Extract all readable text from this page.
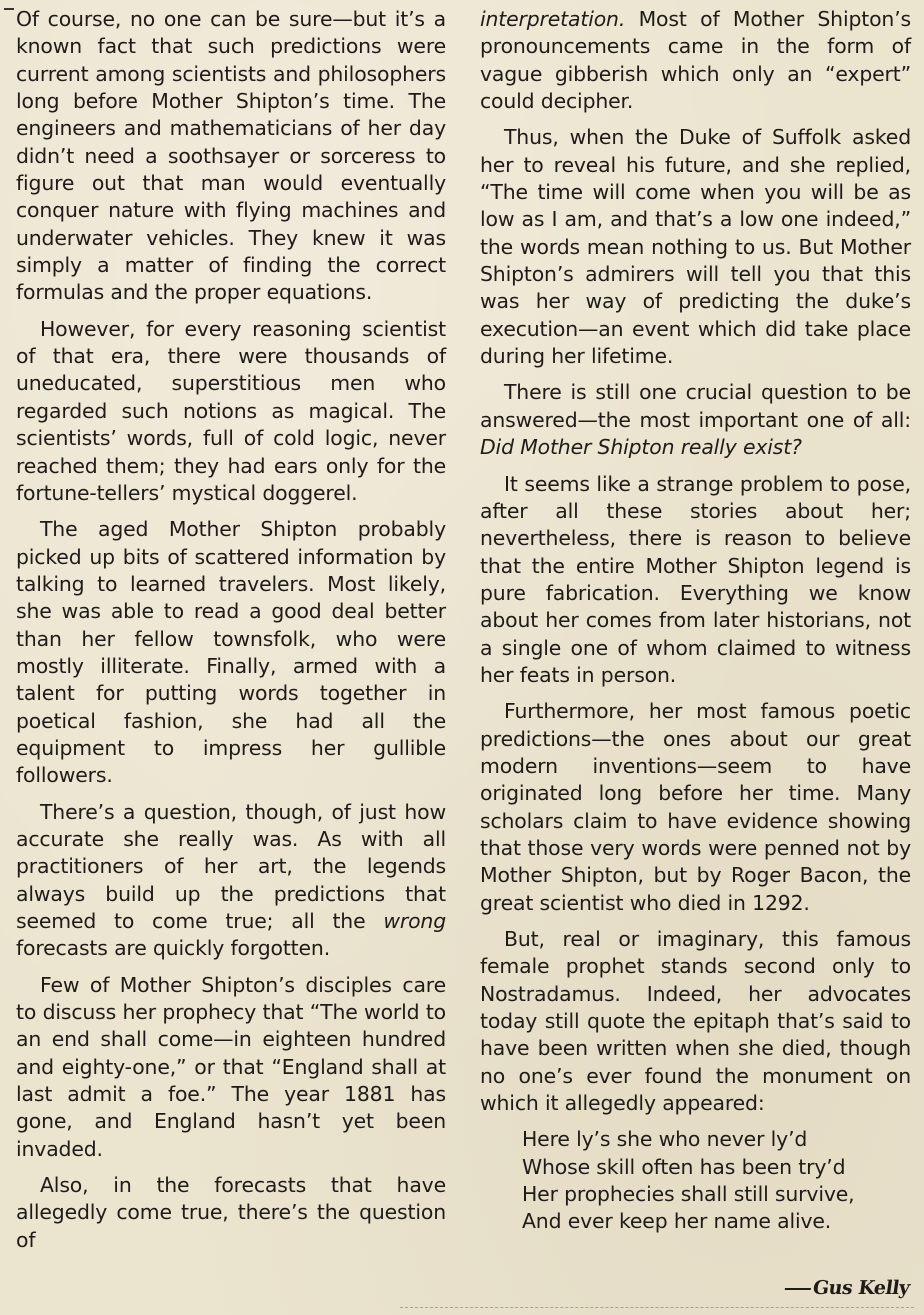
Of course, no one can be sure—but it’s a known fact that such predictions were current among scientists and philosophers long before Mother Shipton’s time. The engineers and mathematicians of her day didn’t need a soothsayer or sorceress to figure out that man would eventually conquer nature with flying machines and underwater vehicles. They knew it was simply a matter of finding the correct formulas and the proper equations.

However, for every reasoning scientist of that era, there were thousands of uneducated, superstitious men who regarded such notions as magical. The scientists’ words, full of cold logic, never reached them; they had ears only for the fortune-tellers’ mystical doggerel.

The aged Mother Shipton probably picked up bits of scattered information by talking to learned travelers. Most likely, she was able to read a good deal better than her fellow townsfolk, who were mostly illiterate. Finally, armed with a talent for putting words together in poetical fashion, she had all the equipment to impress her gullible followers.

There’s a question, though, of just how accurate she really was. As with all practitioners of her art, the legends always build up the predictions that seemed to come true; all the wrong forecasts are quickly forgotten.

Few of Mother Shipton’s disciples care to discuss her prophecy that “The world to an end shall come—in eighteen hundred and eighty-one,” or that “England shall at last admit a foe.” The year 1881 has gone, and England hasn’t yet been invaded.

Also, in the forecasts that have allegedly come true, there’s the question of

interpretation. Most of Mother Shipton’s pronouncements came in the form of vague gibberish which only an “expert” could decipher.

Thus, when the Duke of Suffolk asked her to reveal his future, and she replied, “The time will come when you will be as low as I am, and that’s a low one indeed,” the words mean nothing to us. But Mother Shipton’s admirers will tell you that this was her way of predicting the duke’s execution—an event which did take place during her lifetime.

There is still one crucial question to be answered—the most important one of all: Did Mother Shipton really exist?

It seems like a strange problem to pose, after all these stories about her; nevertheless, there is reason to believe that the entire Mother Shipton legend is pure fabrication. Everything we know about her comes from later historians, not a single one of whom claimed to witness her feats in person.

Furthermore, her most famous poetic predictions—the ones about our great modern inventions—seem to have originated long before her time. Many scholars claim to have evidence showing that those very words were penned not by Mother Shipton, but by Roger Bacon, the great scientist who died in 1292.

But, real or imaginary, this famous female prophet stands second only to Nostradamus. Indeed, her advocates today still quote the epitaph that’s said to have been written when she died, though no one’s ever found the monument on which it allegedly appeared:

Here ly’s she who never ly’d
Whose skill often has been try’d
Her prophecies shall still survive,
And ever keep her name alive.
Gus Kelly
